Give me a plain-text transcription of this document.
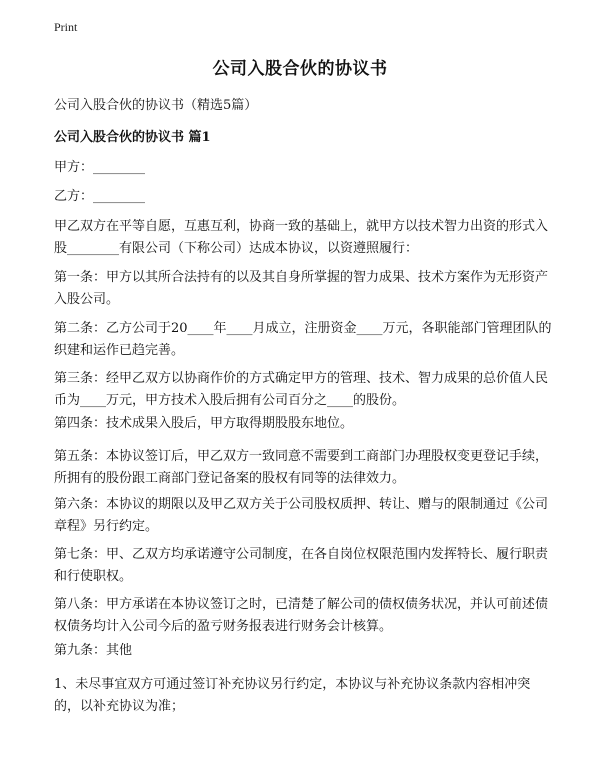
Print
公司入股合伙的协议书
公司入股合伙的协议书（精选5篇）
公司入股合伙的协议书 篇1
甲方：________
乙方：________
甲乙双方在平等自愿，互惠互利，协商一致的基础上，就甲方以技术智力出资的形式入股________有限公司（下称公司）达成本协议，以资遵照履行：
第一条：甲方以其所合法持有的以及其自身所掌握的智力成果、技术方案作为无形资产入股公司。
第二条：乙方公司于20____年____月成立，注册资金____万元，各职能部门管理团队的织建和运作已趋完善。
第三条：经甲乙双方以协商作价的方式确定甲方的管理、技术、智力成果的总价值人民币为____万元，甲方技术入股后拥有公司百分之____的股份。
第四条：技术成果入股后，甲方取得期股股东地位。
第五条：本协议签订后，甲乙双方一致同意不需要到工商部门办理股权变更登记手续，所拥有的股份跟工商部门登记备案的股权有同等的法律效力。
第六条：本协议的期限以及甲乙双方关于公司股权质押、转让、赠与的限制通过《公司章程》另行约定。
第七条：甲、乙双方均承诺遵守公司制度，在各自岗位权限范围内发挥特长、履行职责和行使职权。
第八条：甲方承诺在本协议签订之时，已清楚了解公司的债权债务状况，并认可前述债权债务均计入公司今后的盈亏财务报表进行财务会计核算。
第九条：其他
1、未尽事宜双方可通过签订补充协议另行约定，本协议与补充协议条款内容相冲突的，以补充协议为准；
